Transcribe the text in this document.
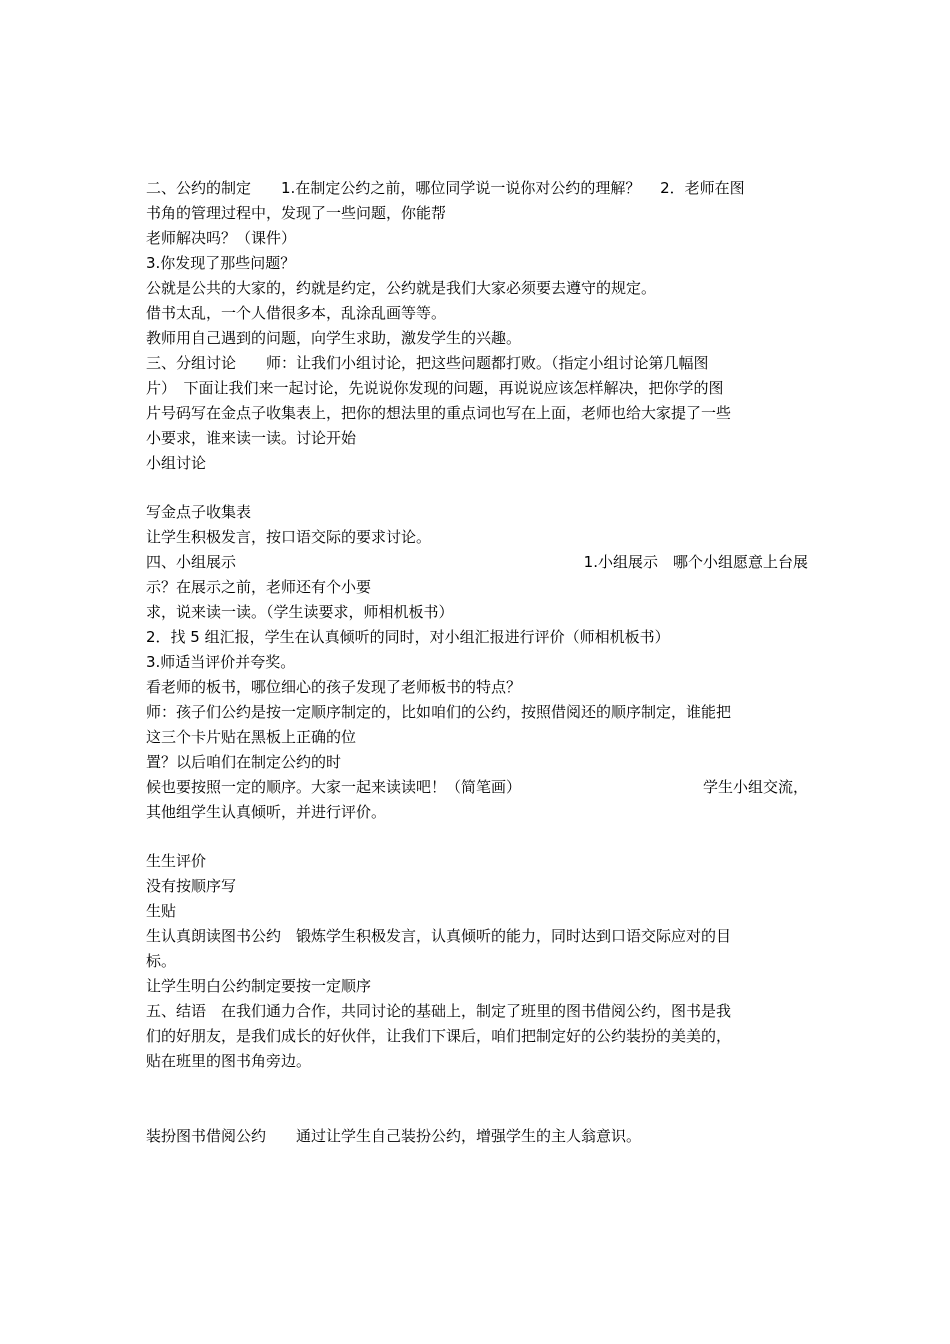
二、公约的制定　　1.在制定公约之前，哪位同学说一说你对公约的理解？　 2．老师在图
书角的管理过程中，发现了一些问题，你能帮
老师解决吗？（课件）
3.你发现了那些问题？
公就是公共的大家的，约就是约定，公约就是我们大家必须要去遵守的规定。
借书太乱，一个人借很多本，乱涂乱画等等。
教师用自己遇到的问题，向学生求助，激发学生的兴趣。
三、分组讨论　　师：让我们小组讨论，把这些问题都打败。（指定小组讨论第几幅图
片）　下面让我们来一起讨论，先说说你发现的问题，再说说应该怎样解决，把你学的图
片号码写在金点子收集表上，把你的想法里的重点词也写在上面，老师也给大家提了一些
小要求，谁来读一读。讨论开始
小组讨论
写金点子收集表
让学生积极发言，按口语交际的要求讨论。
四、小组展示	1.小组展示　哪个小组愿意上台展
示？在展示之前，老师还有个小要
求，说来读一读。（学生读要求，师相机板书）
2．找 5 组汇报，学生在认真倾听的同时，对小组汇报进行评价（师相机板书）
3.师适当评价并夸奖。
看老师的板书，哪位细心的孩子发现了老师板书的特点？
师：孩子们公约是按一定顺序制定的，比如咱们的公约，按照借阅还的顺序制定，谁能把
这三个卡片贴在黑板上正确的位
置？以后咱们在制定公约的时
候也要按照一定的顺序。大家一起来读读吧！（简笔画）	学生小组交流，
其他组学生认真倾听，并进行评价。
生生评价
没有按顺序写
生贴
生认真朗读图书公约　锻炼学生积极发言，认真倾听的能力，同时达到口语交际应对的目
标。
让学生明白公约制定要按一定顺序
五、结语　在我们通力合作，共同讨论的基础上，制定了班里的图书借阅公约，图书是我
们的好朋友，是我们成长的好伙伴，让我们下课后，咱们把制定好的公约装扮的美美的，
贴在班里的图书角旁边。
装扮图书借阅公约　　通过让学生自己装扮公约，增强学生的主人翁意识。
